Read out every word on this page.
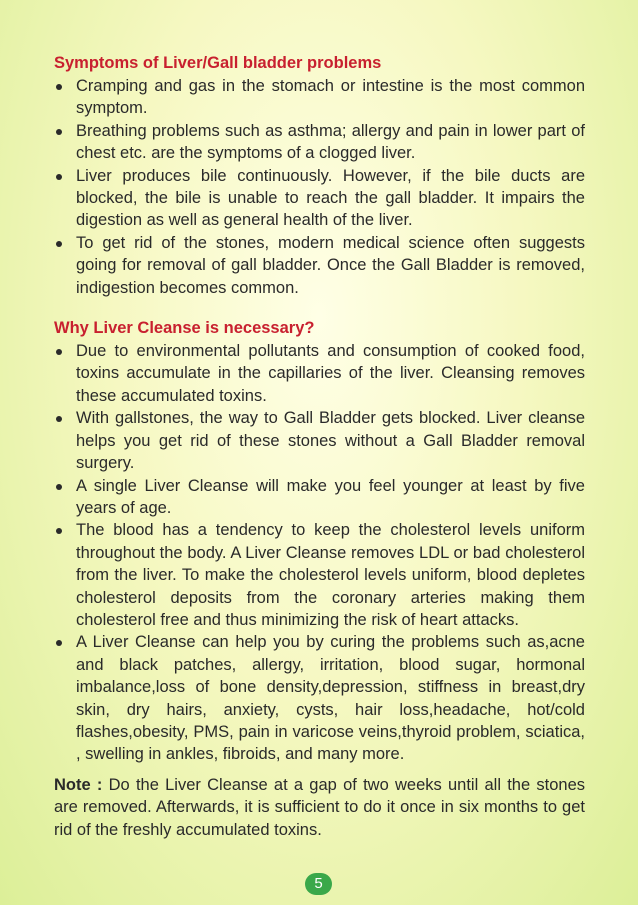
Symptoms of Liver/Gall bladder problems
Cramping and gas in the stomach or intestine is the most common symptom.
Breathing problems such as asthma; allergy and pain in lower part of chest etc. are the symptoms of a clogged liver.
Liver produces bile continuously. However, if the bile ducts are blocked, the bile is unable to reach the gall bladder. It impairs the digestion as well as general health of the liver.
To get rid of the stones, modern medical science often suggests going for removal of gall bladder. Once the Gall Bladder is removed, indigestion becomes common.
Why Liver Cleanse is necessary?
Due to environmental pollutants and consumption of cooked food, toxins accumulate in the capillaries of the liver. Cleansing removes these accumulated toxins.
With gallstones, the way to Gall Bladder gets blocked. Liver cleanse helps you get rid of these stones without a Gall Bladder removal surgery.
A single Liver Cleanse will make you feel younger at least by five years of age.
The blood has a tendency to keep the cholesterol levels uniform throughout the body. A Liver Cleanse removes LDL or bad cholesterol from the liver. To make the cholesterol levels uniform, blood depletes cholesterol deposits from the coronary arteries making them cholesterol free and thus minimizing the risk of heart attacks.
A Liver Cleanse can help you by curing the problems such as,acne and black patches, allergy, irritation, blood sugar, hormonal imbalance,loss of bone density,depression, stiffness in breast,dry skin, dry hairs, anxiety, cysts, hair loss,headache, hot/cold flashes,obesity, PMS, pain in varicose veins,thyroid problem, sciatica, , swelling in ankles, fibroids, and many more.

Note : Do the Liver Cleanse at a gap of two weeks until all the stones are removed. Afterwards, it is sufficient to do it once in six months to get rid of the freshly accumulated toxins.

5
